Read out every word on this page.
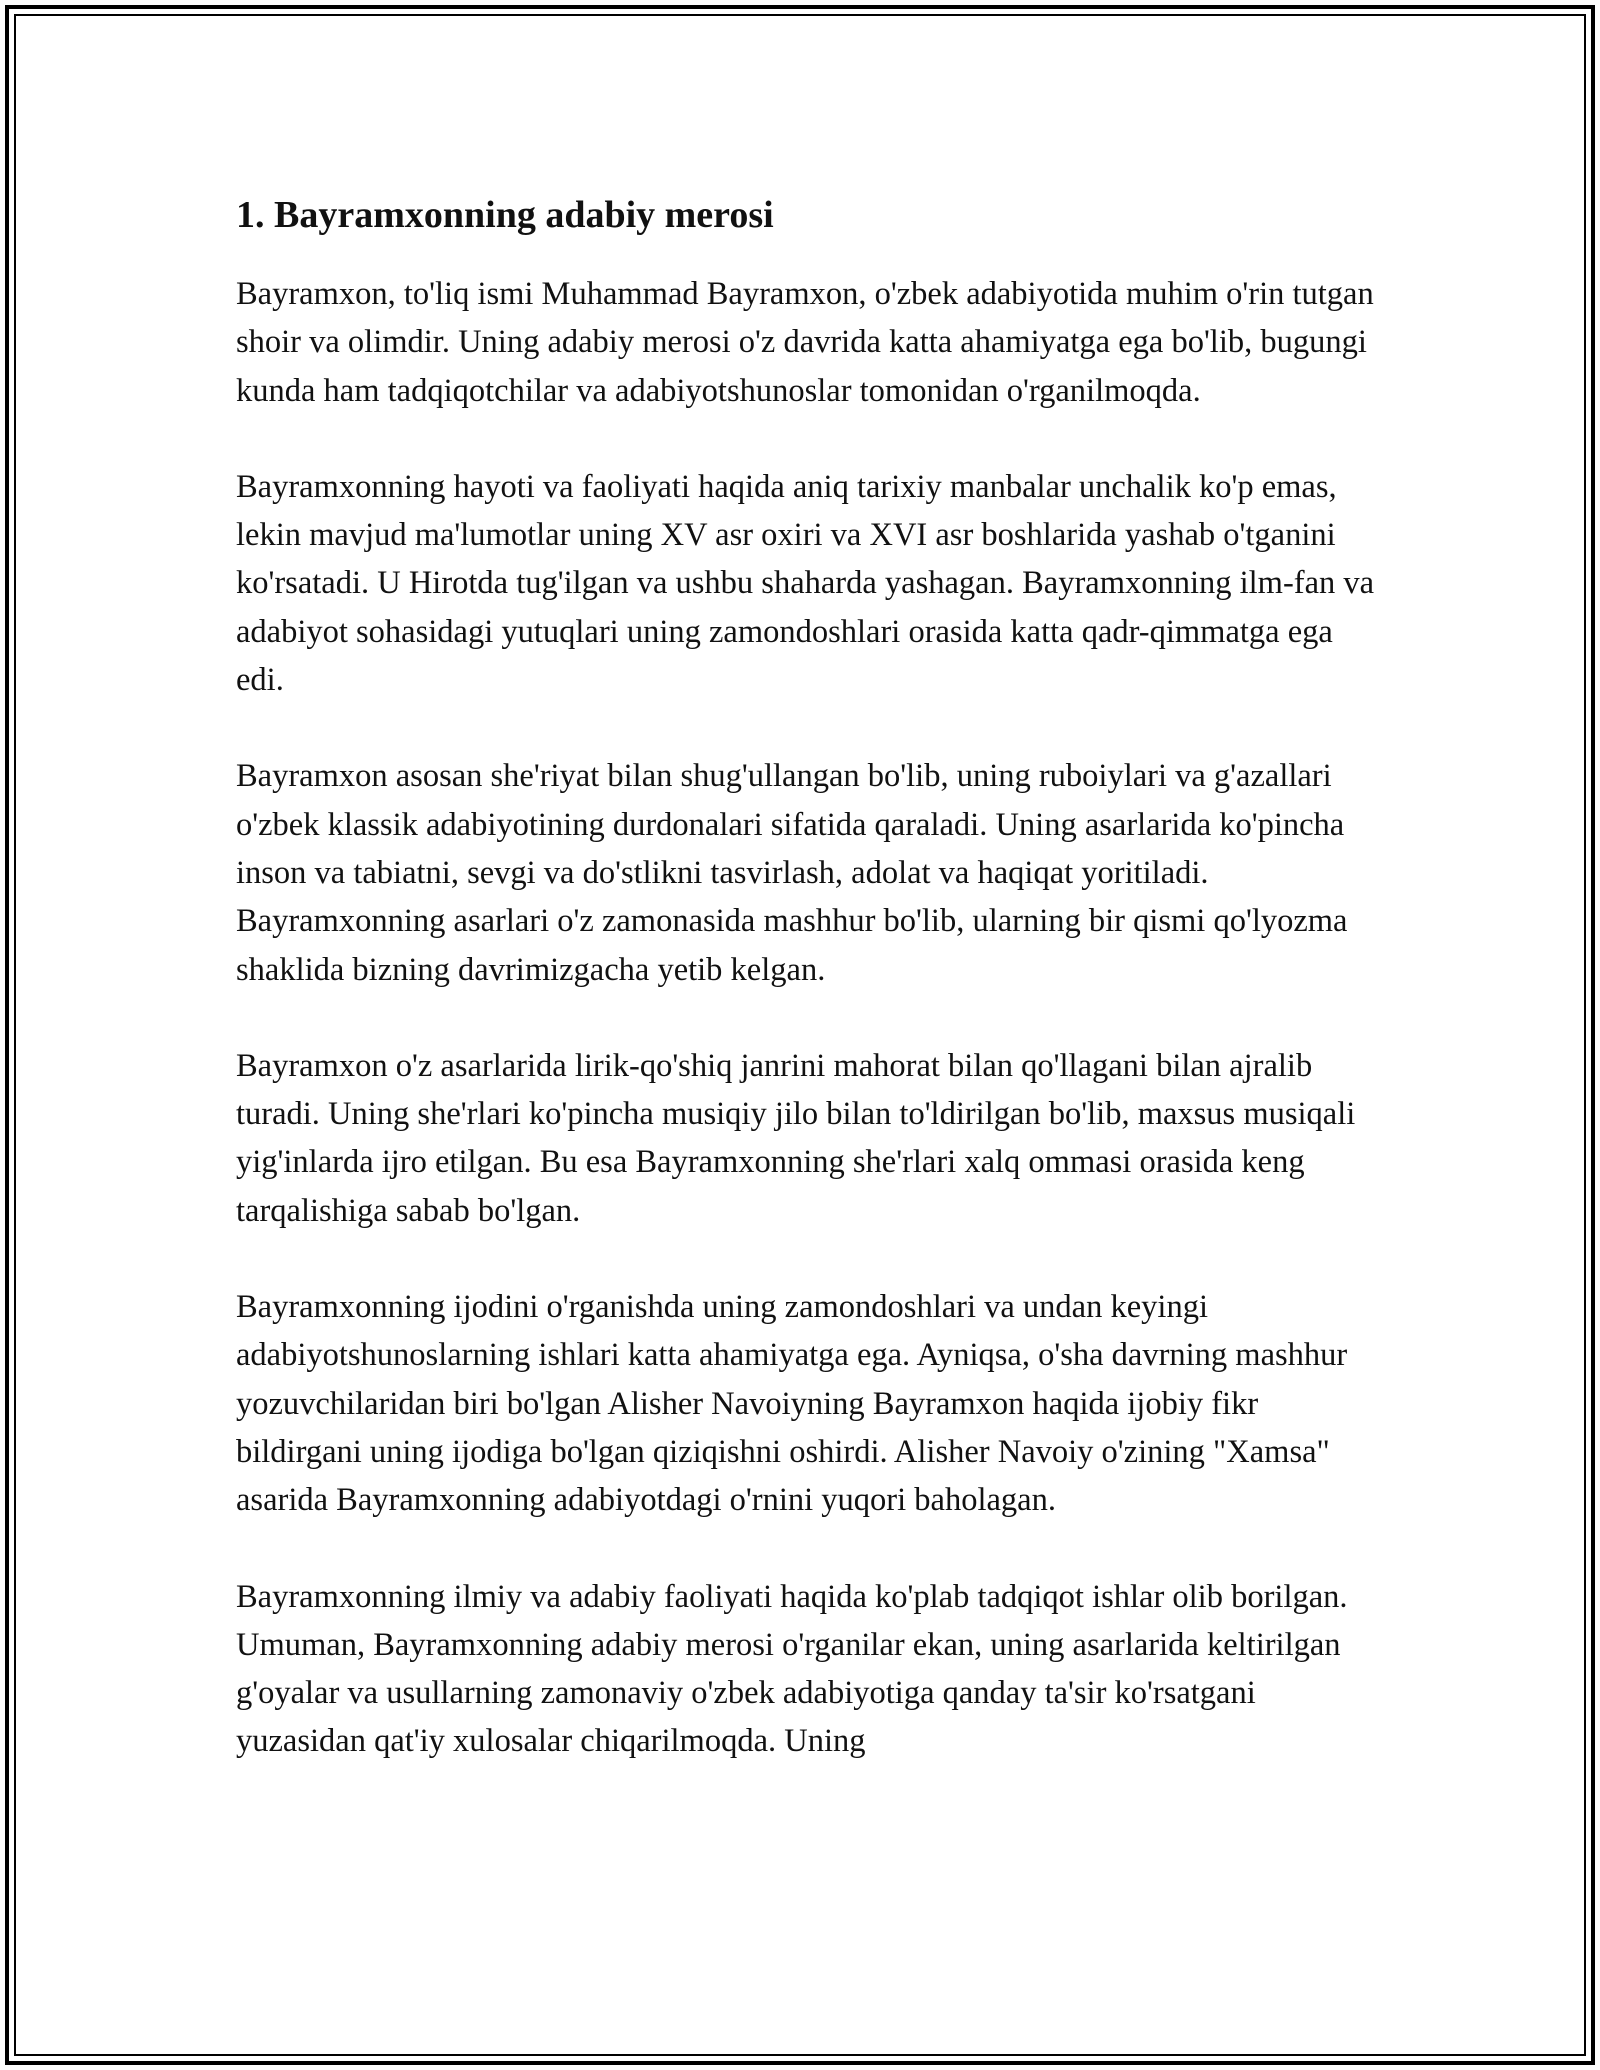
1. Bayramxonning adabiy merosi

Bayramxon, to'liq ismi Muhammad Bayramxon, o'zbek adabiyotida muhim o'rin tutgan shoir va olimdir. Uning adabiy merosi o'z davrida katta ahamiyatga ega bo'lib, bugungi kunda ham tadqiqotchilar va adabiyotshunoslar tomonidan o'rganilmoqda.

Bayramxonning hayoti va faoliyati haqida aniq tarixiy manbalar unchalik ko'p emas, lekin mavjud ma'lumotlar uning XV asr oxiri va XVI asr boshlarida yashab o'tganini ko'rsatadi. U Hirotda tug'ilgan va ushbu shaharda yashagan. Bayramxonning ilm-fan va adabiyot sohasidagi yutuqlari uning zamondoshlari orasida katta qadr-qimmatga ega edi.

Bayramxon asosan she'riyat bilan shug'ullangan bo'lib, uning ruboiylari va g'azallari o'zbek klassik adabiyotining durdonalari sifatida qaraladi. Uning asarlarida ko'pincha inson va tabiatni, sevgi va do'stlikni tasvirlash, adolat va haqiqat yoritiladi. Bayramxonning asarlari o'z zamonasida mashhur bo'lib, ularning bir qismi qo'lyozma shaklida bizning davrimizgacha yetib kelgan.

Bayramxon o'z asarlarida lirik-qo'shiq janrini mahorat bilan qo'llagani bilan ajralib turadi. Uning she'rlari ko'pincha musiqiy jilo bilan to'ldirilgan bo'lib, maxsus musiqali yig'inlarda ijro etilgan. Bu esa Bayramxonning she'rlari xalq ommasi orasida keng tarqalishiga sabab bo'lgan.

Bayramxonning ijodini o'rganishda uning zamondoshlari va undan keyingi adabiyotshunoslarning ishlari katta ahamiyatga ega. Ayniqsa, o'sha davrning mashhur yozuvchilaridan biri bo'lgan Alisher Navoiyning Bayramxon haqida ijobiy fikr bildirgani uning ijodiga bo'lgan qiziqishni oshirdi. Alisher Navoiy o'zining "Xamsa" asarida Bayramxonning adabiyotdagi o'rnini yuqori baholagan.

Bayramxonning ilmiy va adabiy faoliyati haqida ko'plab tadqiqot ishlar olib borilgan. Umuman, Bayramxonning adabiy merosi o'rganilar ekan, uning asarlarida keltirilgan g'oyalar va usullarning zamonaviy o'zbek adabiyotiga qanday ta'sir ko'rsatgani yuzasidan qat'iy xulosalar chiqarilmoqda. Uning
